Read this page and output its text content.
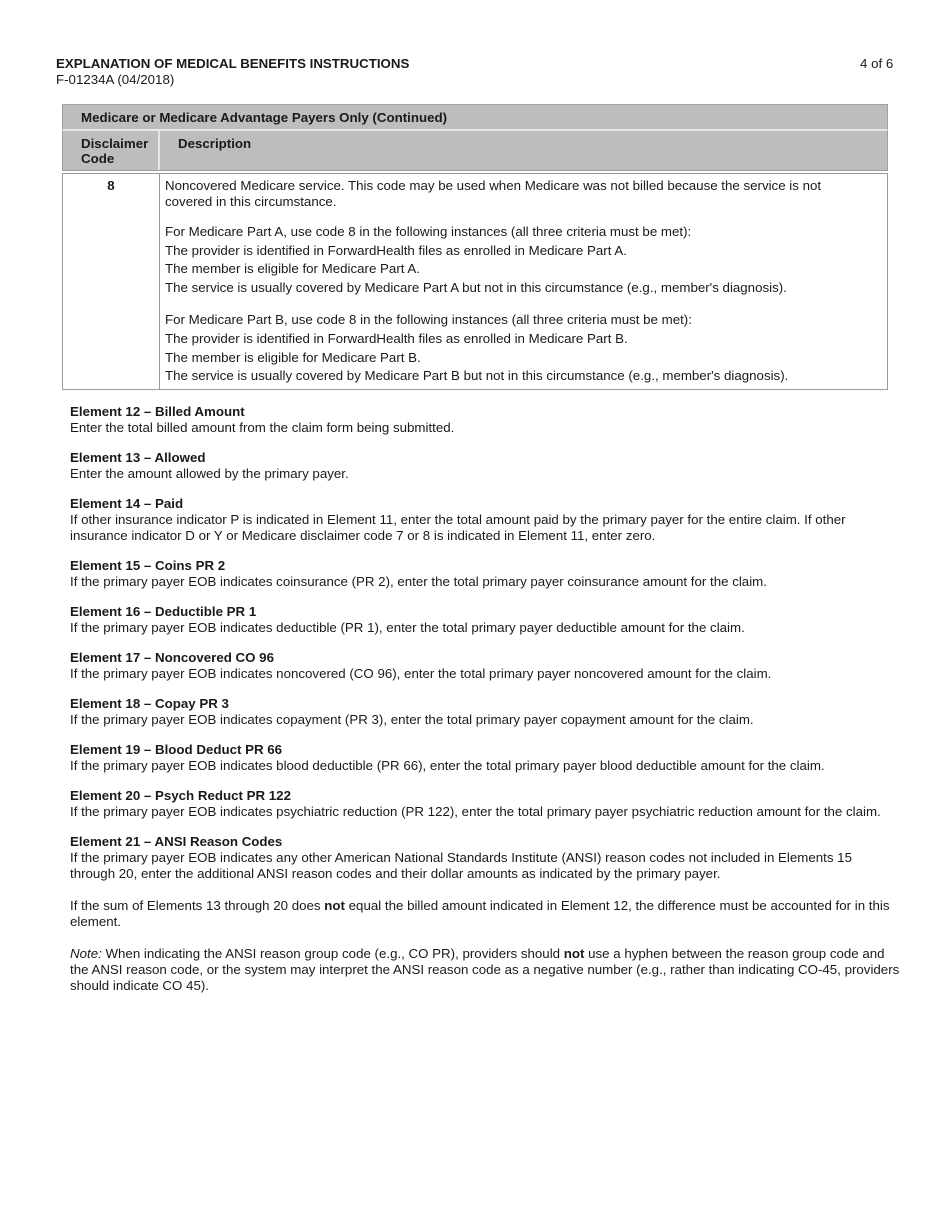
EXPLANATION OF MEDICAL BENEFITS INSTRUCTIONS
F-01234A (04/2018)
4 of 6
Medicare or Medicare Advantage Payers Only (Continued)
Disclaimer Code
Description
8	Noncovered Medicare service. This code may be used when Medicare was not billed because the service is not
covered in this circumstance.
For Medicare Part A, use code 8 in the following instances (all three criteria must be met):
The provider is identified in ForwardHealth files as enrolled in Medicare Part A.
The member is eligible for Medicare Part A.
The service is usually covered by Medicare Part A but not in this circumstance (e.g., member's diagnosis).
For Medicare Part B, use code 8 in the following instances (all three criteria must be met):
The provider is identified in ForwardHealth files as enrolled in Medicare Part B.
The member is eligible for Medicare Part B.
The service is usually covered by Medicare Part B but not in this circumstance (e.g., member's diagnosis).
Element 12 – Billed Amount

Enter the total billed amount from the claim form being submitted.

Element 13 – Allowed

Enter the amount allowed by the primary payer.

Element 14 – Paid

If other insurance indicator P is indicated in Element 11, enter the total amount paid by the primary payer for the entire claim. If other insurance indicator D or Y or Medicare disclaimer code 7 or 8 is indicated in Element 11, enter zero.

Element 15 – Coins PR 2

If the primary payer EOB indicates coinsurance (PR 2), enter the total primary payer coinsurance amount for the claim.

Element 16 – Deductible PR 1

If the primary payer EOB indicates deductible (PR 1), enter the total primary payer deductible amount for the claim.

Element 17 – Noncovered CO 96

If the primary payer EOB indicates noncovered (CO 96), enter the total primary payer noncovered amount for the claim.

Element 18 – Copay PR 3

If the primary payer EOB indicates copayment (PR 3), enter the total primary payer copayment amount for the claim.

Element 19 – Blood Deduct PR 66

If the primary payer EOB indicates blood deductible (PR 66), enter the total primary payer blood deductible amount for the claim.

Element 20 – Psych Reduct PR 122

If the primary payer EOB indicates psychiatric reduction (PR 122), enter the total primary payer psychiatric reduction amount for the claim.

Element 21 – ANSI Reason Codes

If the primary payer EOB indicates any other American National Standards Institute (ANSI) reason codes not included in Elements 15 through 20, enter the additional ANSI reason codes and their dollar amounts as indicated by the primary payer.

If the sum of Elements 13 through 20 does not equal the billed amount indicated in Element 12, the difference must be accounted for in this element.

Note: When indicating the ANSI reason group code (e.g., CO PR), providers should not use a hyphen between the reason group code and the ANSI reason code, or the system may interpret the ANSI reason code as a negative number (e.g., rather than indicating CO-45, providers should indicate CO 45).
